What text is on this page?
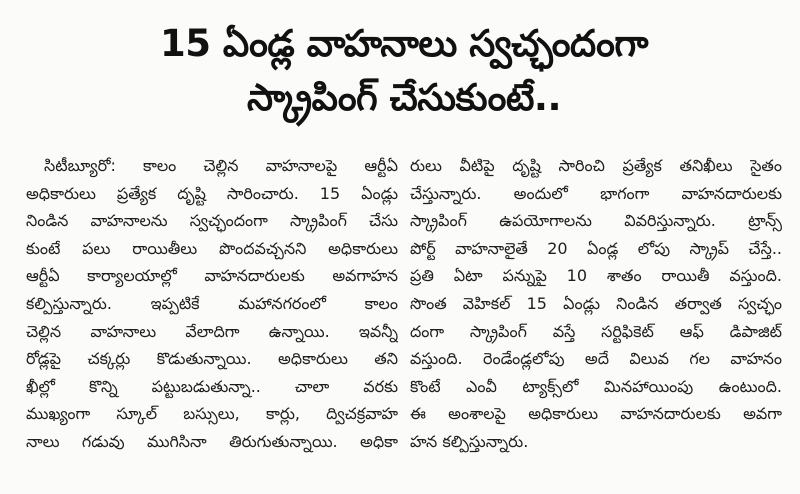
15 ఏండ్ల వాహనాలు స్వచ్ఛందంగా
స్క్రాపింగ్ చేసుకుంటే..
సిటీబ్యూరో: కాలం చెల్లిన వాహనాలపై ఆర్టీఏ
అధికారులు ప్రత్యేక దృష్టి సారించారు. 15 ఏండ్లు
నిండిన వాహనాలను స్వచ్ఛందంగా స్క్రాపింగ్ చేసు
కుంటే పలు రాయితీలు పొందవచ్చనని అధికారులు
ఆర్టీఏ కార్యాలయాల్లో వాహనదారులకు అవగాహన
కల్పిస్తున్నారు. ఇప్పటికే మహానగరంలో కాలం
చెల్లిన వాహనాలు వేలాదిగా ఉన్నాయి. ఇవన్నీ
రోడ్లపై చక్కర్లు కొడుతున్నాయి. అధికారులు తని
ఖీల్లో కొన్ని పట్టుబడుతున్నా.. చాలా వరకు
ముఖ్యంగా స్కూల్ బస్సులు, కార్లు, ద్విచక్రవాహ
నాలు గడువు ముగిసినా తిరుగుతున్నాయి. అధికా
రులు వీటిపై దృష్టి సారించి ప్రత్యేక తనిఖీలు సైతం
చేస్తున్నారు. అందులో భాగంగా వాహనదారులకు
స్క్రాపింగ్ ఉపయోగాలను వివరిస్తున్నారు. ట్రాన్స్
పోర్ట్ వాహనాలైతే 20 ఏండ్ల లోపు స్క్రాప్ చేస్తే..
ప్రతి ఏటా పన్నుపై 10 శాతం రాయితీ వస్తుంది.
సొంత వెహికల్ 15 ఏండ్లు నిండిన తర్వాత స్వచ్ఛం
దంగా స్క్రాపింగ్ వస్తే సర్టిఫికెట్ ఆఫ్ డిపాజిట్
వస్తుంది. రెండేండ్లలోపు అదే విలువ గల వాహనం
కొంటే ఎంవీ ట్యాక్స్‌లో మినహాయింపు ఉంటుంది.
ఈ అంశాలపై అధికారులు వాహనదారులకు అవగా
హన కల్పిస్తున్నారు.
